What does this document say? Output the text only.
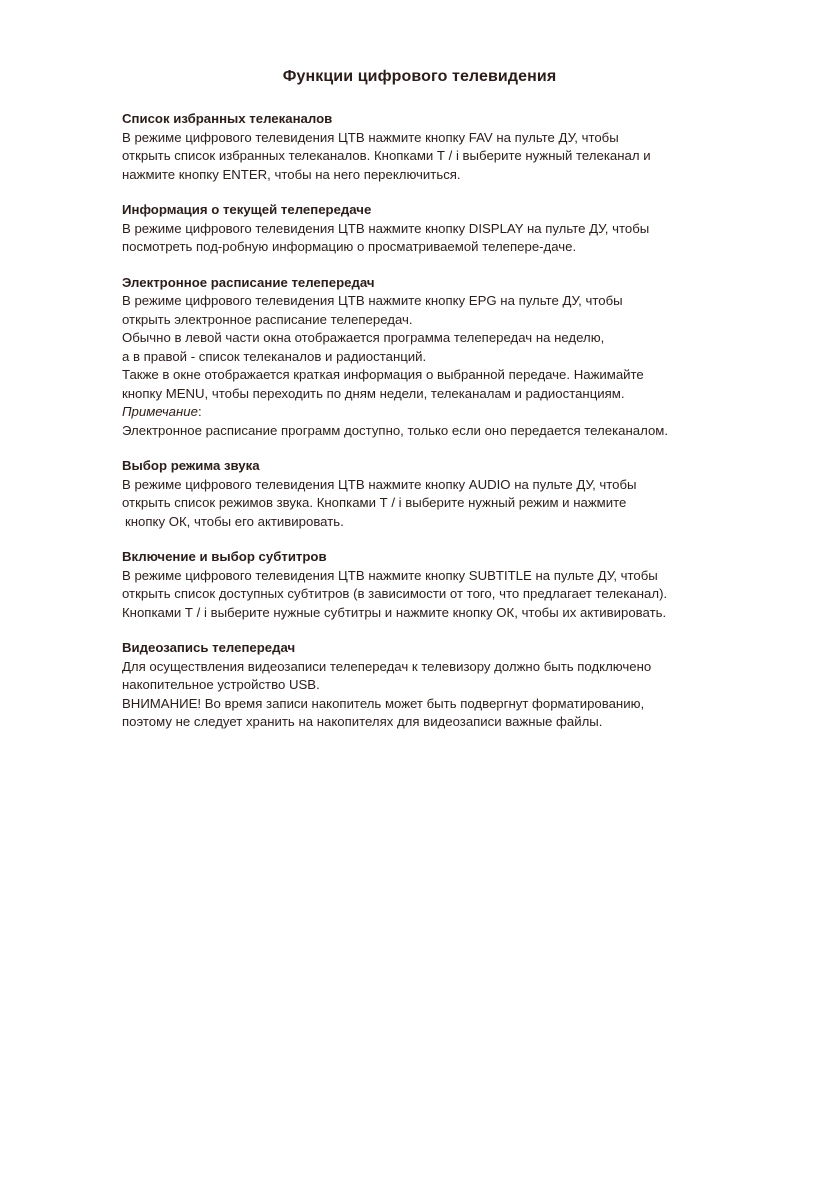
Функции цифрового телевидения
Список избранных телеканалов
В режиме цифрового телевидения ЦТВ нажмите кнопку FAV на пульте ДУ, чтобы
открыть список избранных телеканалов. Кнопками Т / і выберите нужный телеканал и
нажмите кнопку ENTER, чтобы на него переключиться.
Информация о текущей телепередаче
В режиме цифрового телевидения ЦТВ нажмите кнопку DISPLAY на пульте ДУ, чтобы
посмотреть под-робную информацию о просматриваемой телепере-даче.
Электронное расписание телепередач
В режиме цифрового телевидения ЦТВ нажмите кнопку EPG на пульте ДУ, чтобы
открыть электронное расписание телепередач.
Обычно в левой части окна отображается программа телепередач на неделю,
а в правой - список телеканалов и радиостанций.
Также в окне отображается краткая информация о выбранной передаче. Нажимайте
кнопку MENU, чтобы переходить по дням недели, телеканалам и радиостанциям.
Примечание:
Электронное расписание программ доступно, только если оно передается телеканалом.
Выбор режима звука
В режиме цифрового телевидения ЦТВ нажмите кнопку AUDIO на пульте ДУ, чтобы
открыть список режимов звука. Кнопками Т / і выберите нужный режим и нажмите
кнопку ОК, чтобы его активировать.
Включение и выбор субтитров
В режиме цифрового телевидения ЦТВ нажмите кнопку SUBTITLE на пульте ДУ, чтобы
открыть список доступных субтитров (в зависимости от того, что предлагает телеканал).
Кнопками Т / і выберите нужные субтитры и нажмите кнопку ОК, чтобы их активировать.
Видеозапись телепередач
Для осуществления видеозаписи телепередач к телевизору должно быть подключено
накопительное устройство USB.
ВНИМАНИЕ! Во время записи накопитель может быть подвергнут форматированию,
поэтому не следует хранить на накопителях для видеозаписи важные файлы.
